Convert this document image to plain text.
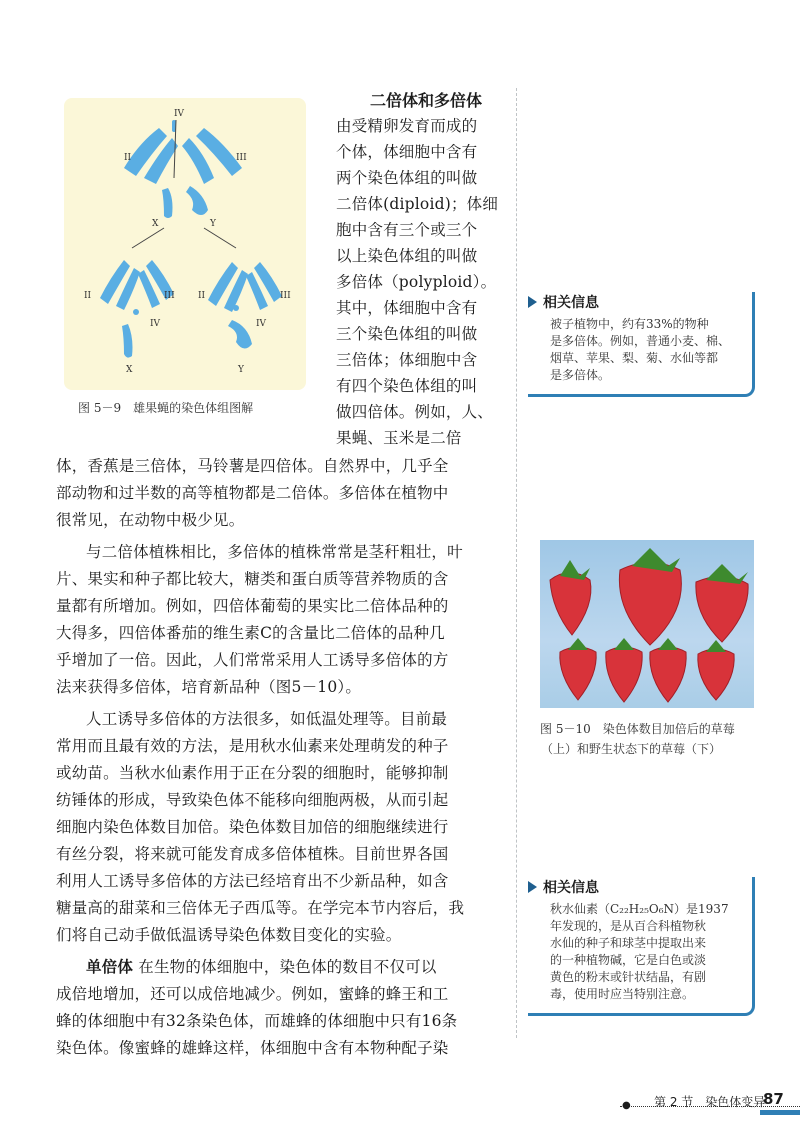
IV
II	III
X	Y
II	III
IV
X
II	III
IV
Y
图 5－9　雄果蝇的染色体组图解
二倍体和多倍体
由受精卵发育而成的
个体，体细胞中含有
两个染色体组的叫做
二倍体(diploid)；体细
胞中含有三个或三个
以上染色体组的叫做
多倍体（polyploid）。
其中，体细胞中含有
三个染色体组的叫做
三倍体；体细胞中含
有四个染色体组的叫
做四倍体。例如，人、
果蝇、玉米是二倍
体，香蕉是三倍体，马铃薯是四倍体。自然界中，几乎全
部动物和过半数的高等植物都是二倍体。多倍体在植物中
很常见，在动物中极少见。
与二倍体植株相比，多倍体的植株常常是茎秆粗壮，叶
片、果实和种子都比较大，糖类和蛋白质等营养物质的含
量都有所增加。例如，四倍体葡萄的果实比二倍体品种的
大得多，四倍体番茄的维生素C的含量比二倍体的品种几
乎增加了一倍。因此，人们常常采用人工诱导多倍体的方
法来获得多倍体，培育新品种（图5－10）。
人工诱导多倍体的方法很多，如低温处理等。目前最
常用而且最有效的方法，是用秋水仙素来处理萌发的种子
或幼苗。当秋水仙素作用于正在分裂的细胞时，能够抑制
纺锤体的形成，导致染色体不能移向细胞两极，从而引起
细胞内染色体数目加倍。染色体数目加倍的细胞继续进行
有丝分裂，将来就可能发育成多倍体植株。目前世界各国
利用人工诱导多倍体的方法已经培育出不少新品种，如含
糖量高的甜菜和三倍体无子西瓜等。在学完本节内容后，我
们将自己动手做低温诱导染色体数目变化的实验。
单倍体 在生物的体细胞中，染色体的数目不仅可以
成倍地增加，还可以成倍地减少。例如，蜜蜂的蜂王和工
蜂的体细胞中有32条染色体，而雄蜂的体细胞中只有16条
染色体。像蜜蜂的雄蜂这样，体细胞中含有本物种配子染
相关信息
被子植物中，约有33%的物种
是多倍体。例如，普通小麦、棉、
烟草、苹果、梨、菊、水仙等都
是多倍体。
图 5－10　染色体数目加倍后的草莓
（上）和野生状态下的草莓（下）
相关信息
秋水仙素（C₂₂H₂₅O₆N）是1937
年发现的，是从百合科植物秋
水仙的种子和球茎中提取出来
的一种植物碱，它是白色或淡
黄色的粉末或针状结晶，有剧
毒，使用时应当特别注意。
● 第 2 节　染色体变异
87
